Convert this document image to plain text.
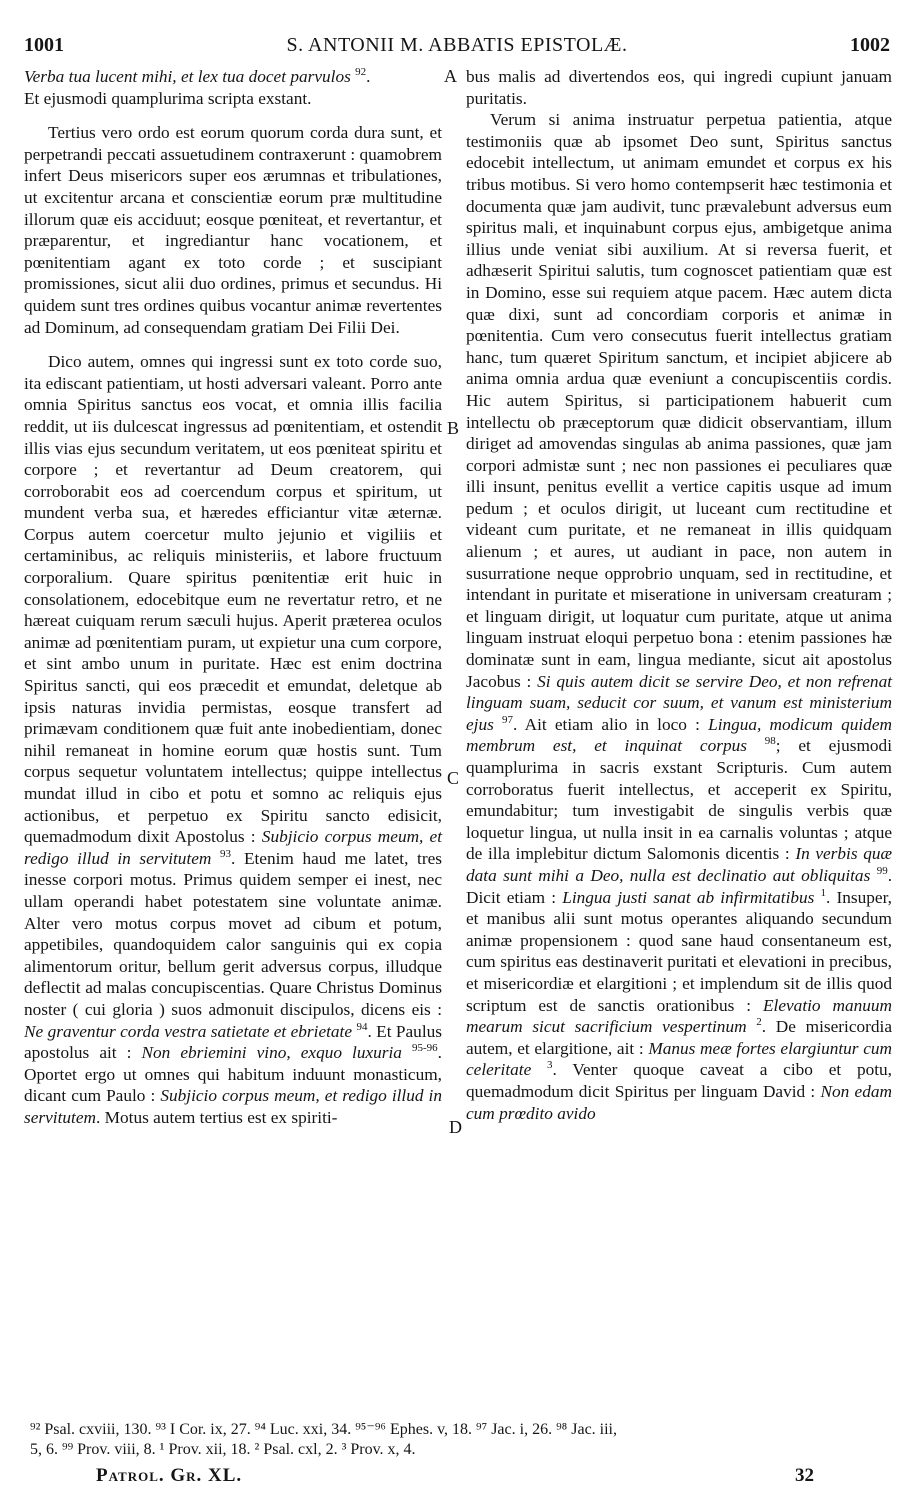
1001	S. ANTONII M. ABBATIS EPISTOLÆ.	1002

Verba tua lucent mihi, et lex tua docet parvulos $^{92}$.

Et ejusmodi quamplurima scripta exstant.

Tertius vero ordo est eorum quorum corda dura sunt, et perpetrandi peccati assuetudinem contraxerunt : quamobrem infert Deus misericors super eos ærumnas et tribulationes, ut excitentur arcana et conscientiæ eorum præ multitudine illorum quæ eis acciduut; eosque pœniteat, et revertantur, et præparentur, et ingrediantur hanc vocationem, et pœnitentiam agant ex toto corde ; et suscipiant promissiones, sicut alii duo ordines, primus et secundus. Hi quidem sunt tres ordines quibus vocantur animæ revertentes ad Dominum, ad consequendam gratiam Dei Filii Dei.

Dico autem, omnes qui ingressi sunt ex toto corde suo, ita ediscant patientiam, ut hosti adversari valeant. Porro ante omnia Spiritus sanctus eos vocat, et omnia illis facilia reddit, ut iis dulcescat ingressus ad pœnitentiam, et ostendit illis vias ejus secundum veritatem, ut eos pœniteat spiritu et corpore ; et revertantur ad Deum creatorem, qui corroborabit eos ad coercendum corpus et spiritum, ut mundent verba sua, et hæredes efficiantur vitæ æternæ. Corpus autem coercetur multo jejunio et vigiliis et certaminibus, ac reliquis ministeriis, et labore fructuum corporalium. Quare spiritus pœnitentiæ erit huic in consolationem, edocebitque eum ne revertatur retro, et ne hæreat cuiquam rerum sæculi hujus. Aperit præterea oculos animæ ad pœnitentiam puram, ut expietur una cum corpore, et sint ambo unum in puritate. Hæc est enim doctrina Spiritus sancti, qui eos præcedit et emundat, deletque ab ipsis naturas invidia permistas, eosque transfert ad primævam conditionem quæ fuit ante inobedientiam, donec nihil remaneat in homine eorum quæ hostis sunt. Tum corpus sequetur voluntatem intellectus; quippe intellectus mundat illud in cibo et potu et somno ac reliquis ejus actionibus, et perpetuo ex Spiritu sancto edisicit, quemadmodum dixit Apostolus : Subjicio corpus meum, et redigo illud in servitutem $^{93}$. Etenim haud me latet, tres inesse corpori motus. Primus quidem semper ei inest, nec ullam operandi habet potestatem sine voluntate animæ. Alter vero motus corpus movet ad cibum et potum, appetibiles, quandoquidem calor sanguinis qui ex copia alimentorum oritur, bellum gerit adversus corpus, illudque deflectit ad malas concupiscentias. Quare Christus Dominus noster ( cui gloria ) suos admonuit discipulos, dicens eis : Ne graventur corda vestra satietate et ebrietate $^{94}$. Et Paulus apostolus ait : Non ebriemini vino, exquo luxuria $^{95-96}$. Oportet ergo ut omnes qui habitum induunt monasticum, dicant cum Paulo : Subjicio corpus meum, et redigo illud in servitutem. Motus autem tertius est ex spiriti-

A
B
C
D

bus malis ad divertendos eos, qui ingredi cupiunt januam puritatis.

Verum si anima instruatur perpetua patientia, atque testimoniis quæ ab ipsomet Deo sunt, Spiritus sanctus edocebit intellectum, ut animam emundet et corpus ex his tribus motibus. Si vero homo contempserit hæc testimonia et documenta quæ jam audivit, tunc prævalebunt adversus eum spiritus mali, et inquinabunt corpus ejus, ambigetque anima illius unde veniat sibi auxilium. At si reversa fuerit, et adhæserit Spiritui salutis, tum cognoscet patientiam quæ est in Domino, esse sui requiem atque pacem. Hæc autem dicta quæ dixi, sunt ad concordiam corporis et animæ in pœnitentia. Cum vero consecutus fuerit intellectus gratiam hanc, tum quæret Spiritum sanctum, et incipiet abjicere ab anima omnia ardua quæ eveniunt a concupiscentiis cordis. Hic autem Spiritus, si participationem habuerit cum intellectu ob præceptorum quæ didicit observantiam, illum diriget ad amovendas singulas ab anima passiones, quæ jam corpori admistæ sunt ; nec non passiones ei peculiares quæ illi insunt, penitus evellit a vertice capitis usque ad imum pedum ; et oculos dirigit, ut luceant cum rectitudine et videant cum puritate, et ne remaneat in illis quidquam alienum ; et aures, ut audiant in pace, non autem in susurratione neque opprobrio unquam, sed in rectitudine, et intendant in puritate et miseratione in universam creaturam ; et linguam dirigit, ut loquatur cum puritate, atque ut anima linguam instruat eloqui perpetuo bona : etenim passiones hæ dominatæ sunt in eam, lingua mediante, sicut ait apostolus Jacobus : Si quis autem dicit se servire Deo, et non refrenat linguam suam, seducit cor suum, et vanum est ministerium ejus $^{97}$. Ait etiam alio in loco : Lingua, modicum quidem membrum est, et inquinat corpus $^{98}$; et ejusmodi quamplurima in sacris exstant Scripturis. Cum autem corroboratus fuerit intellectus, et acceperit ex Spiritu, emundabitur; tum investigabit de singulis verbis quæ loquetur lingua, ut nulla insit in ea carnalis voluntas ; atque de illa implebitur dictum Salomonis dicentis : In verbis quæ data sunt mihi a Deo, nulla est declinatio aut obliquitas $^{99}$. Dicit etiam : Lingua justi sanat ab infirmitatibus $^1$. Insuper, et manibus alii sunt motus operantes aliquando secundum animæ propensionem : quod sane haud consentaneum est, cum spiritus eas destinaverit puritati et elevationi in precibus, et misericordiæ et elargitioni ; et implendum sit de illis quod scriptum est de sanctis orationibus : Elevatio manuum mearum sicut sacrificium vespertinum $^2$. De misericordia autem, et elargitione, ait : Manus meæ fortes elargiuntur cum celeritate $^3$. Venter quoque caveat a cibo et potu, quemadmodum dicit Spiritus per linguam David : Non edam cum prœdito avido

⁹² Psal. cxviii, 130. ⁹³ I Cor. ix, 27. ⁹⁴ Luc. xxi, 34. ⁹⁵⁻⁹⁶ Ephes. v, 18. ⁹⁷ Jac. i, 26. ⁹⁸ Jac. iii,
5, 6. ⁹⁹ Prov. viii, 8. ¹ Prov. xii, 18. ² Psal. cxl, 2. ³ Prov. x, 4.
Patrol. Gr. XL.	32
